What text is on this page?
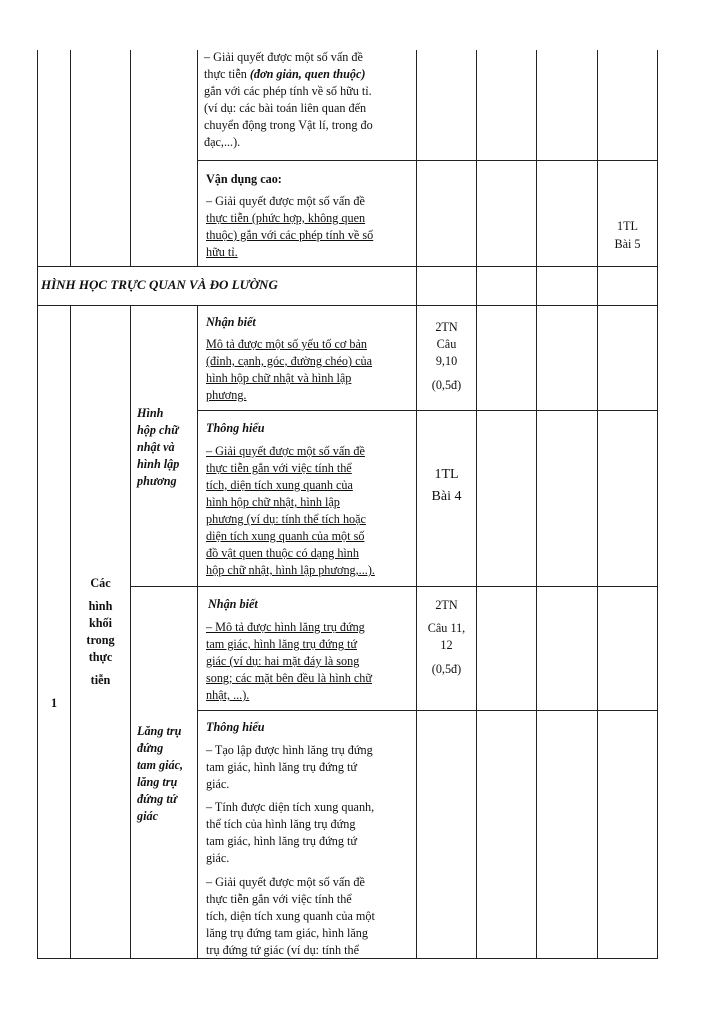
– Giải quyết được một số vấn đề
thực tiễn (đơn giản, quen thuộc)
gắn với các phép tính về số hữu tỉ.
(ví dụ: các bài toán liên quan đến
chuyển động trong Vật lí, trong đo
đạc,...).
Vận dụng cao:
– Giải quyết được một số vấn đề
thực tiễn (phức hợp, không quen
thuộc) gắn với các phép tính về số
hữu tỉ.
1TL
Bài 5
HÌNH HỌC TRỰC QUAN VÀ ĐO LƯỜNG
1
Các
hình
khối
trong
thực
tiễn
Hình
hộp chữ
nhật và
hình lập
phương
Lăng trụ
đứng
tam giác,
lăng trụ
đứng tứ
giác
Nhận biết
Mô tả được một số yếu tố cơ bản
(đỉnh, cạnh, góc, đường chéo) của
hình hộp chữ nhật và hình lập
phương.
2TN
Câu
9,10
(0,5đ)
Thông hiểu
– Giải quyết được một số vấn đề
thực tiễn gắn với việc tính thể
tích, diện tích xung quanh của
hình hộp chữ nhật, hình lập
phương (ví dụ: tính thể tích hoặc
diện tích xung quanh của một số
đồ vật quen thuộc có dạng hình
hộp chữ nhật, hình lập phương,...).
1TL
Bài 4
Nhận biết
– Mô tả được hình lăng trụ đứng
tam giác, hình lăng trụ đứng tứ
giác (ví dụ: hai mặt đáy là song
song; các mặt bên đều là hình chữ
nhật, ...).
2TN
Câu 11,
12
(0,5đ)
Thông hiểu
– Tạo lập được hình lăng trụ đứng
tam giác, hình lăng trụ đứng tứ
giác.
– Tính được diện tích xung quanh,
thể tích của hình lăng trụ đứng
tam giác, hình lăng trụ đứng tứ
giác.
– Giải quyết được một số vấn đề
thực tiễn gắn với việc tính thể
tích, diện tích xung quanh của một
lăng trụ đứng tam giác, hình lăng
trụ đứng tứ giác (ví dụ: tính thể
